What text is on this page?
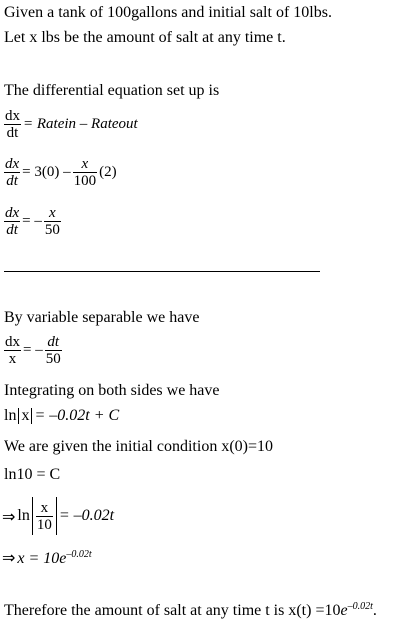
Given a tank of 100gallons and initial salt of 10lbs.
Let x lbs be the amount of salt at any time t.
The differential equation set up is
$\frac{dx}{dt}$ = Ratein – Rateout
$\frac{dx}{dt} = 3(0) - \frac{x}{100} (2)$
$\frac{dx}{dt}$ = – $\frac{x}{50}$
By variable separable we have
$\frac{dx}{x}$ = – $\frac{dt}{50}$
Integrating on both sides we have
ln x = –0.02t + C
We are given the initial condition x(0)=10
ln10 = C
⇒ $\ln \frac{x}{10} = -0.02t$
⇒ $x = 10e^{-0.02t}$
Therefore the amount of salt at any time t is $x(t) =10e^{-0.02t}$.
